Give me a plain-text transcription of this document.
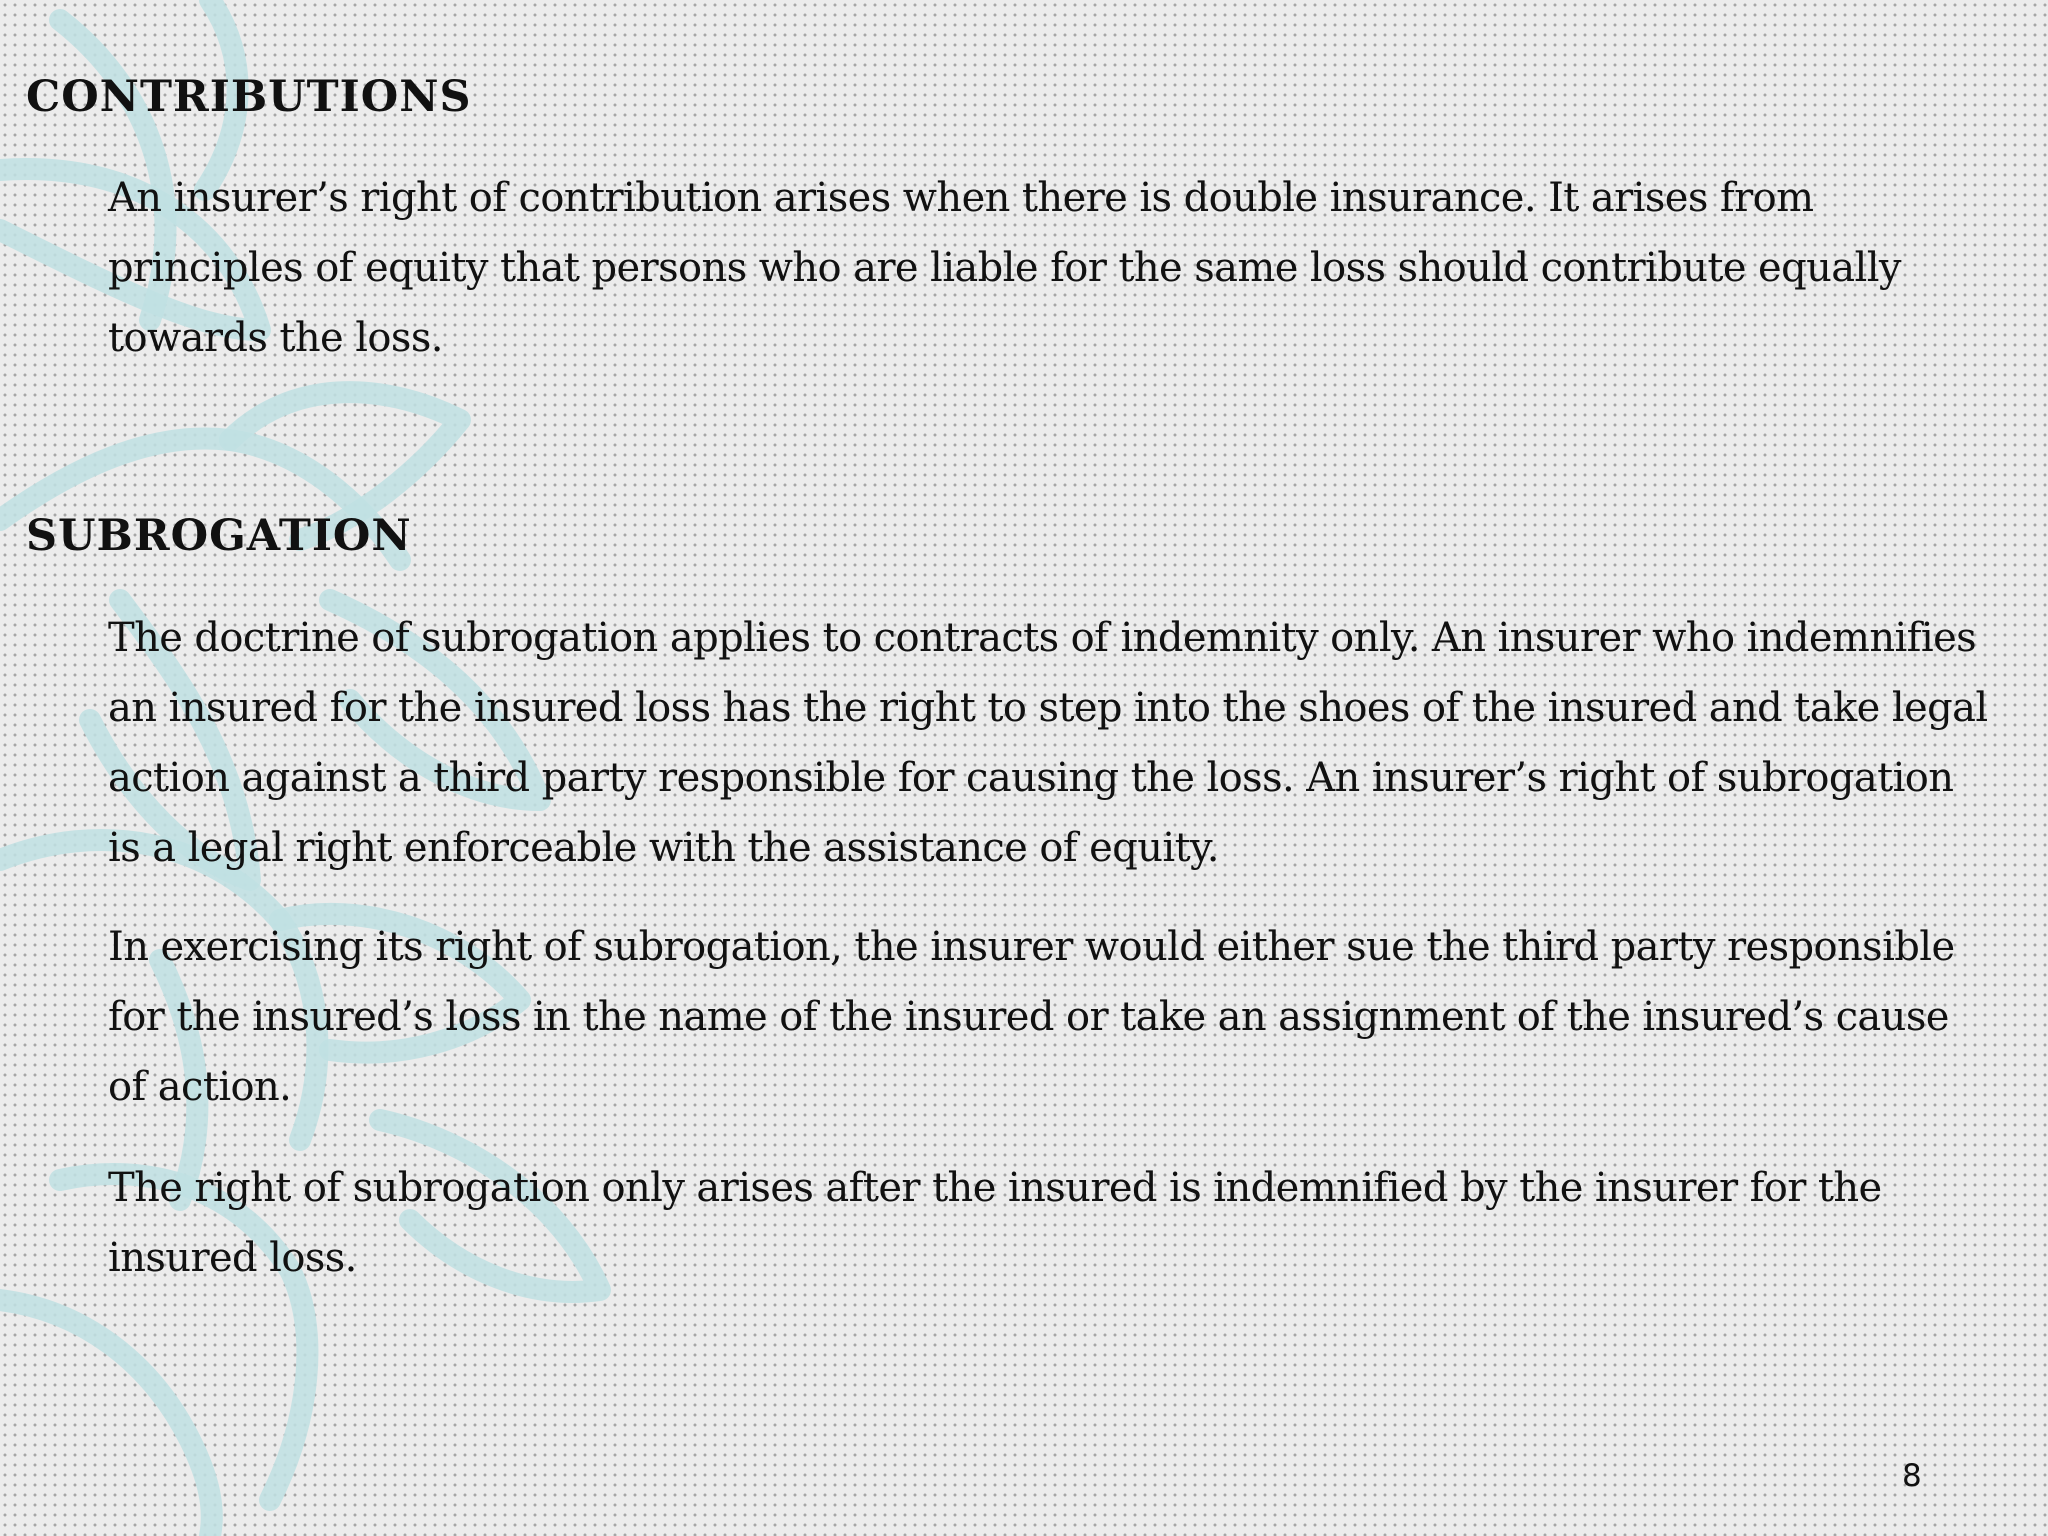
CONTRIBUTIONS

An insurer’s right of contribution arises when there is double insurance. It arises from principles of equity that persons who are liable for the same loss should contribute equally towards the loss.

SUBROGATION

The doctrine of subrogation applies to contracts of indemnity only. An insurer who indemnifies an insured for the insured loss has the right to step into the shoes of the insured and take legal action against a third party responsible for causing the loss. An insurer’s right of subrogation is a legal right enforceable with the assistance of equity.

In exercising its right of subrogation, the insurer would either sue the third party responsible for the insured’s loss in the name of the insured or take an assignment of the insured’s cause of action.

The right of subrogation only arises after the insured is indemnified by the insurer for the insured loss.

8
